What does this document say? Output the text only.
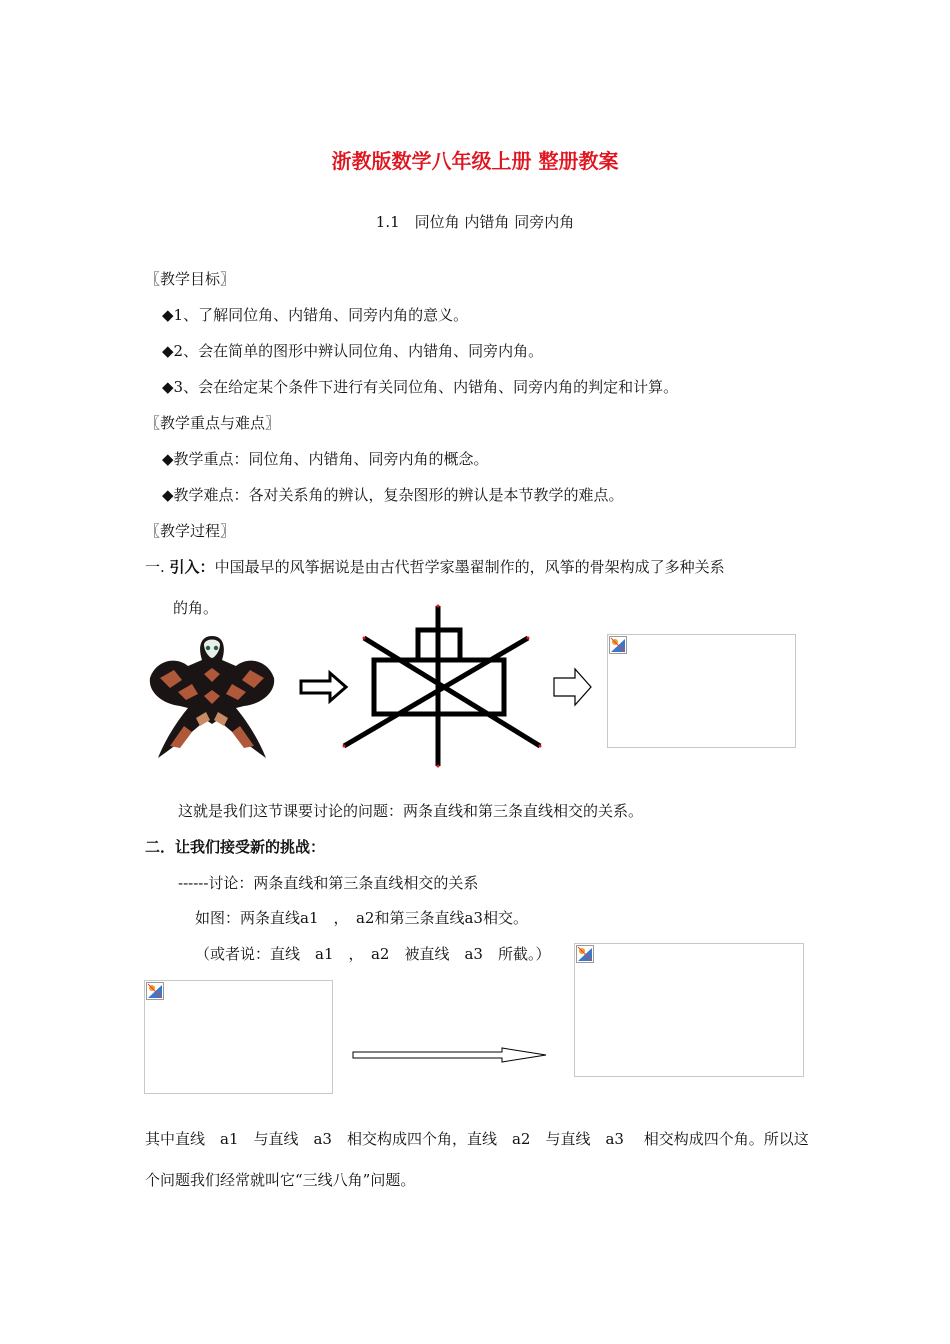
浙教版数学八年级上册 整册教案
1.1　同位角 内错角 同旁内角
〖教学目标〗
◆1、了解同位角、内错角、同旁内角的意义。
◆2、会在简单的图形中辨认同位角、内错角、同旁内角。
◆3、会在给定某个条件下进行有关同位角、内错角、同旁内角的判定和计算。
〖教学重点与难点〗
◆教学重点：同位角、内错角、同旁内角的概念。
◆教学难点：各对关系角的辨认，复杂图形的辨认是本节教学的难点。
〖教学过程〗
一. 引入：中国最早的风筝据说是由古代哲学家墨翟制作的，风筝的骨架构成了多种关系
的角。
这就是我们这节课要讨论的问题：两条直线和第三条直线相交的关系。
二．让我们接受新的挑战：
------讨论：两条直线和第三条直线相交的关系
如图：两条直线a1　，　a2和第三条直线a3相交。
（或者说：直线　a1　，　a2　被直线　a3　所截。）
其中直线　a1　与直线　a3　相交构成四个角，直线　a2　与直线　a3　 相交构成四个角。所以这
个问题我们经常就叫它“三线八角”问题。
